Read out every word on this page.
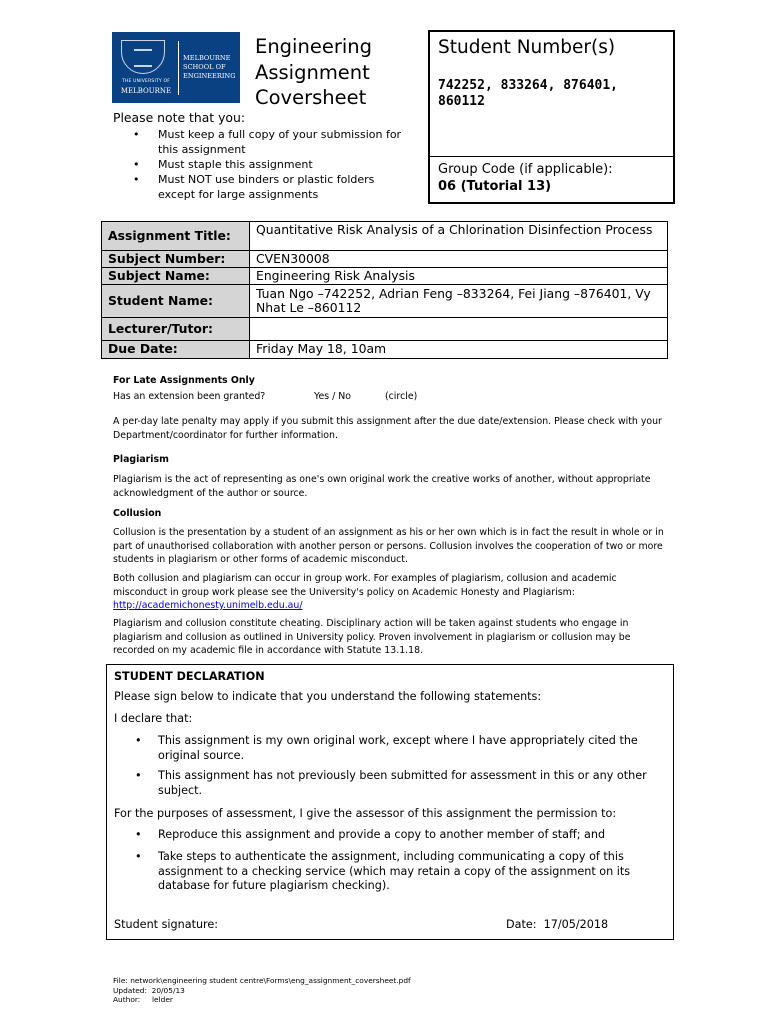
THE UNIVERSITY OF
MELBOURNE
MELBOURNE
SCHOOL OF
ENGINEERING
Engineering
Assignment
Coversheet
Please note that you:
• Must keep a full copy of your submission for this assignment
• Must staple this assignment
• Must NOT use binders or plastic folders except for large assignments
Student Number(s)
742252, 833264, 876401, 860112
Group Code (if applicable):
06 (Tutorial 13)
Assignment Title:	Quantitative Risk Analysis of a Chlorination Disinfection Process
Subject Number:	CVEN30008
Subject Name:	Engineering Risk Analysis
Student Name:	Tuan Ngo –742252, Adrian Feng –833264, Fei Jiang –876401, Vy Nhat Le –860112
Lecturer/Tutor:	
Due Date:	Friday May 18, 10am
For Late Assignments Only
Has an extension been granted?	Yes / No	(circle)
A per-day late penalty may apply if you submit this assignment after the due date/extension. Please check with your Department/coordinator for further information.
Plagiarism
Plagiarism is the act of representing as one's own original work the creative works of another, without appropriate acknowledgment of the author or source.
Collusion
Collusion is the presentation by a student of an assignment as his or her own which is in fact the result in whole or in part of unauthorised collaboration with another person or persons. Collusion involves the cooperation of two or more students in plagiarism or other forms of academic misconduct.
Both collusion and plagiarism can occur in group work. For examples of plagiarism, collusion and academic misconduct in group work please see the University's policy on Academic Honesty and Plagiarism: http://academichonesty.unimelb.edu.au/
Plagiarism and collusion constitute cheating. Disciplinary action will be taken against students who engage in plagiarism and collusion as outlined in University policy. Proven involvement in plagiarism or collusion may be recorded on my academic file in accordance with Statute 13.1.18.
STUDENT DECLARATION
Please sign below to indicate that you understand the following statements:
I declare that:
• This assignment is my own original work, except where I have appropriately cited the original source.
• This assignment has not previously been submitted for assessment in this or any other subject.
For the purposes of assessment, I give the assessor of this assignment the permission to:
• Reproduce this assignment and provide a copy to another member of staff; and
• Take steps to authenticate the assignment, including communicating a copy of this assignment to a checking service (which may retain a copy of the assignment on its database for future plagiarism checking).
Student signature:	Date: 17/05/2018
File: network\engineering student centre\Forms\eng_assignment_coversheet.pdf
Updated: 20/05/13
Author: lelder
